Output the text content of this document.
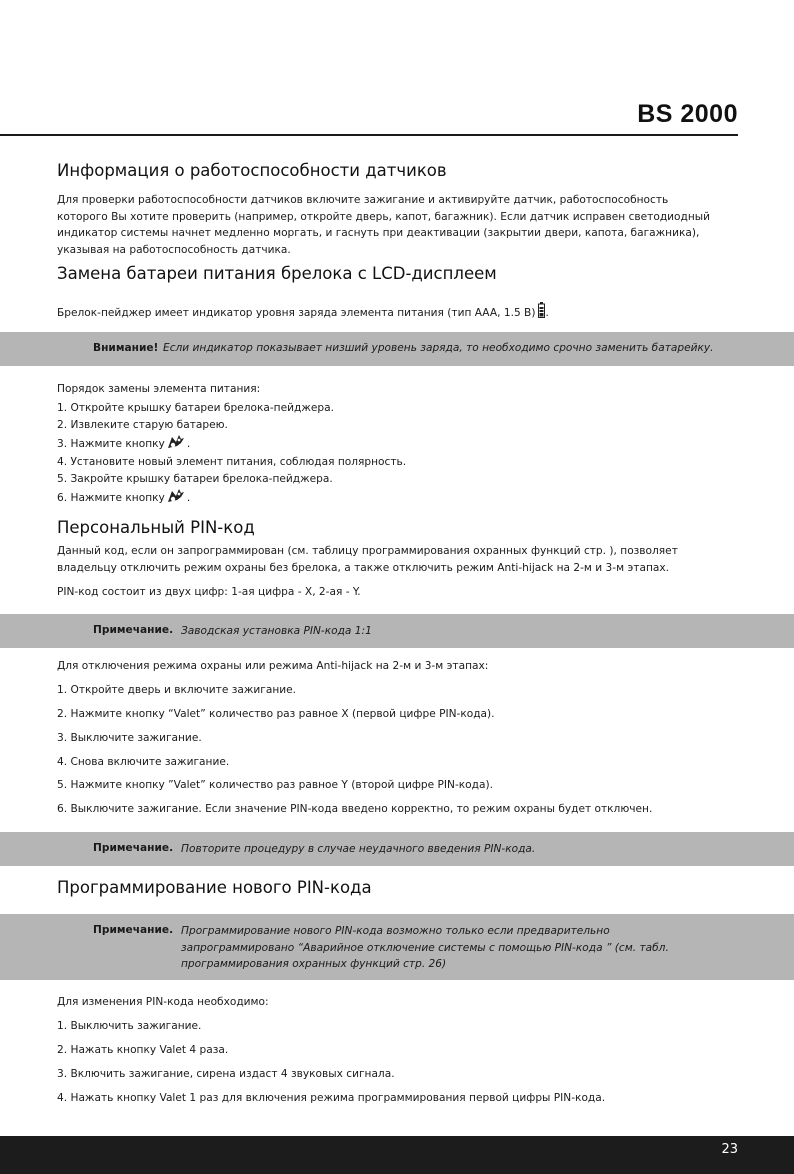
BS 2000
Информация о работоспособности датчиков
Для проверки работоспособности датчиков включите зажигание и активируйте датчик, работоспособность
которого Вы хотите проверить (например, откройте дверь, капот, багажник). Если датчик исправен светодиодный
индикатор системы начнет медленно моргать, и гаснуть при деактивации (закрытии двери, капота, багажника),
указывая на работоспособность датчика.
Замена батареи питания брелока с LCD-дисплеем
Брелок-пейджер имеет индикатор уровня заряда элемента питания (тип AAA, 1.5 В) .
Внимание! Если индикатор показывает низший уровень заряда, то необходимо срочно заменить батарейку.
Порядок замены элемента питания:
1. Откройте крышку батареи брелока-пейджера.
2. Извлеките старую батарею.
3. Нажмите кнопку .
4. Установите новый элемент питания, соблюдая полярность.
5. Закройте крышку батареи брелока-пейджера.
6. Нажмите кнопку .
Персональный PIN-код
Данный код, если он запрограммирован (см. таблицу программирования охранных функций стр. ), позволяет
владельцу отключить режим охраны без брелока, а также отключить режим Anti-hijack на 2-м и 3-м этапах.
PIN-код состоит из двух цифр: 1-ая цифра - X, 2-ая - Y.
Примечание. Заводская установка PIN-кода 1:1
Для отключения режима охраны или режима Anti-hijack на 2-м и 3-м этапах:
1. Откройте дверь и включите зажигание.
2. Нажмите кнопку “Valet” количество раз равное X (первой цифре PIN-кода).
3. Выключите зажигание.
4. Снова включите зажигание.
5. Нажмите кнопку ”Valet” количество раз равное Y (второй цифре PIN-кода).
6. Выключите зажигание. Если значение PIN-кода введено корректно, то режим охраны будет отключен.
Примечание. Повторите процедуру в случае неудачного введения PIN-кода.
Программирование нового PIN-кода
Примечание. Программирование нового PIN-кода возможно только если предварительно
запрограммировано “Аварийное отключение системы с помощью PIN-кода ” (см. табл.
программирования охранных функций стр. 26)
Для изменения PIN-кода необходимо:
1. Выключить зажигание.
2. Нажать кнопку Valet 4 раза.
3. Включить зажигание, сирена издаст 4 звуковых сигнала.
4. Нажать кнопку Valet 1 раз для включения режима программирования первой цифры PIN-кода.
23
